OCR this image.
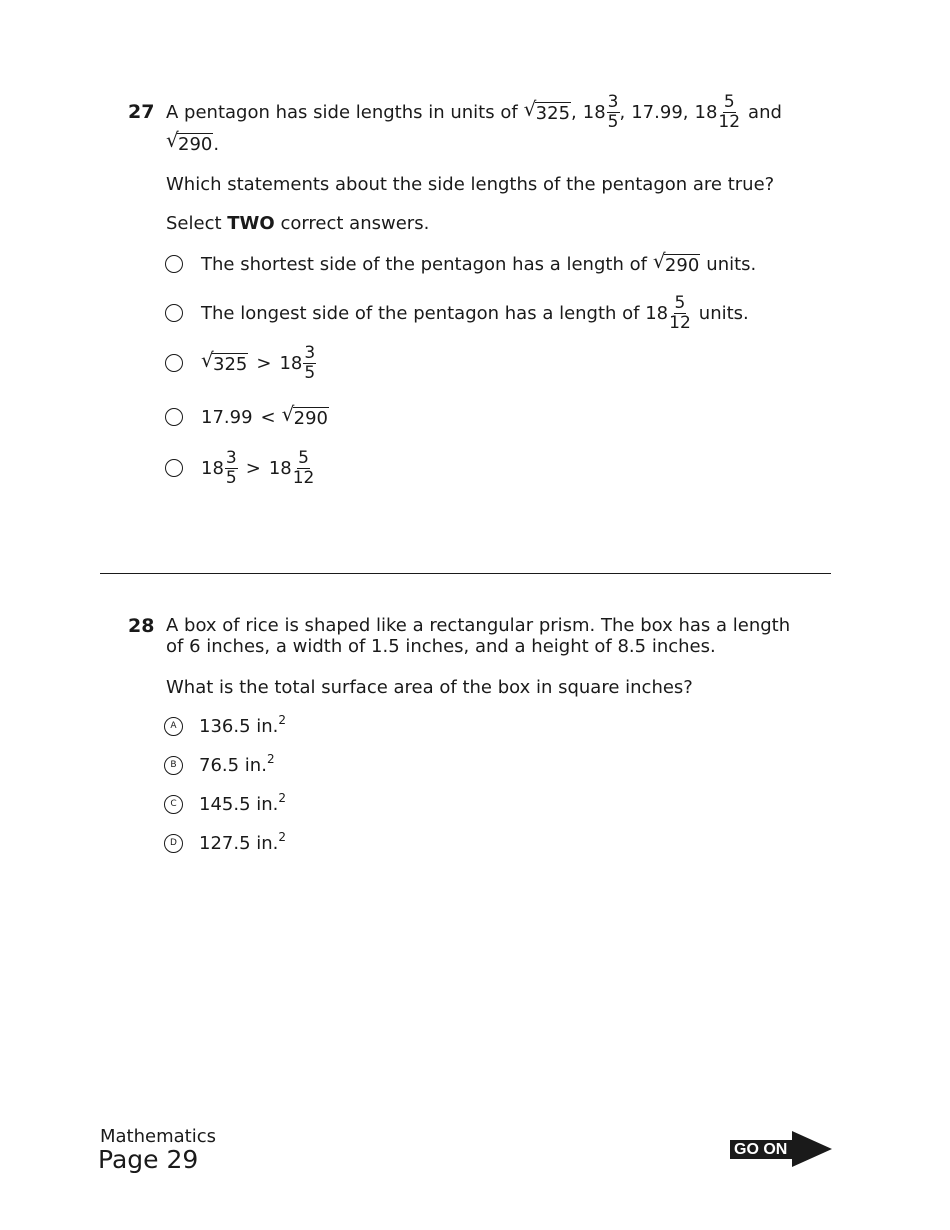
27 A pentagon has side lengths in units of √ 325 , $18 \frac{3}{5}$ , 17.99, $18 \frac{5}{12}$ and
√ 290.
Which statements about the side lengths of the pentagon are true?
Select TWO correct answers.
The shortest side of the pentagon has a length of √ 290 units.
The longest side of the pentagon has a length of $18 \frac{5}{12}$ units.
√ $325 > 18 \frac{3}{5}$
17.99 < √ 290
$18 \frac{3}{5} > 18 \frac{5}{12}$
28 A box of rice is shaped like a rectangular prism. The box has a length
of 6 inches, a width of 1.5 inches, and a height of 8.5 inches.
What is the total surface area of the box in square inches?
A	136.5 in.$^2$
B	76.5 in.$^2$
C	145.5 in.$^2$
D	127.5 in.$^2$
Mathematics
Page 29	GO ON
